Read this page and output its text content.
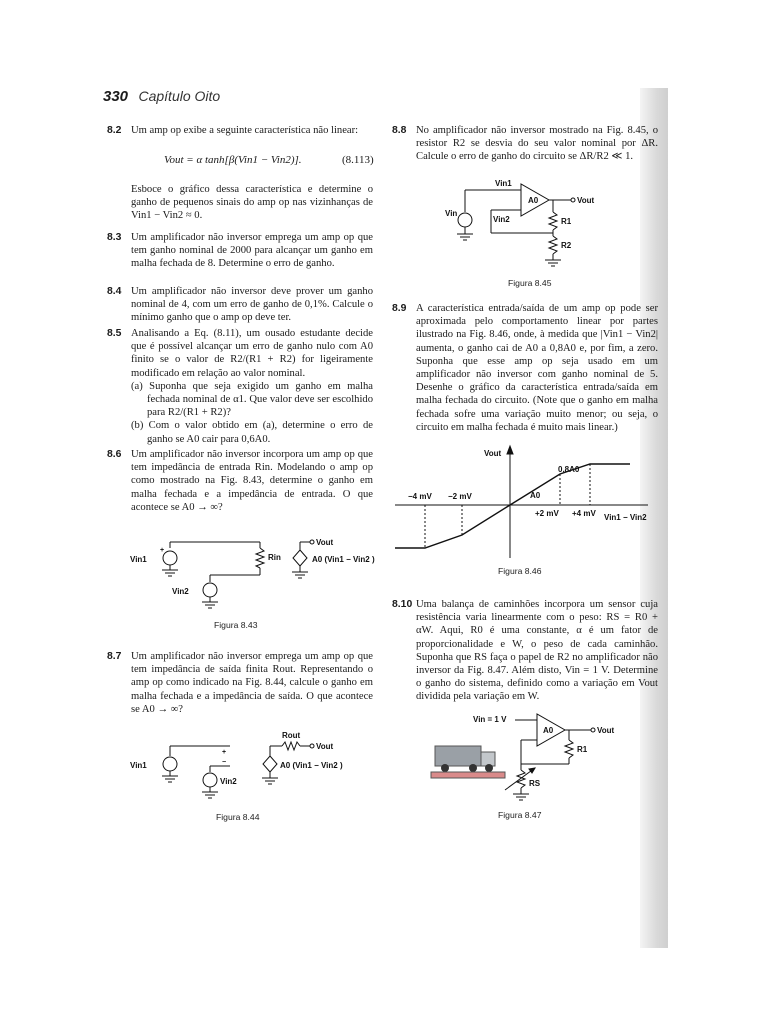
330 Capítulo Oito
8.2 Um amp op exibe a seguinte característica não linear:

Vout = α tanh[β(Vin1 − Vin2)].	(8.113)

Esboce o gráfico dessa característica e determine o ganho de pequenos sinais do amp op nas vizinhanças de Vin1 − Vin2 ≈ 0.

8.3 Um amplificador não inversor emprega um amp op que tem ganho nominal de 2000 para alcançar um ganho em malha fechada de 8. Determine o erro de ganho.

8.4 Um amplificador não inversor deve prover um ganho nominal de 4, com um erro de ganho de 0,1%. Calcule o mínimo ganho que o amp op deve ter.

8.5 Analisando a Eq. (8.11), um ousado estudante decide que é possível alcançar um erro de ganho nulo com A0 finito se o valor de R2/(R1 + R2) for ligeiramente modificado em relação ao valor nominal.

(a) Suponha que seja exigido um ganho em malha fechada nominal de α1. Que valor deve ser escolhido para R2/(R1 + R2)?

(b) Com o valor obtido em (a), determine o erro de ganho se A0 cair para 0,6A0.

8.6 Um amplificador não inversor incorpora um amp op que tem impedância de entrada Rin. Modelando o amp op como mostrado na Fig. 8.43, determine o ganho em malha fechada e a impedância de entrada. O que acontece se A0 → ∞?

Vin1
+
Rin
Vout
A0 (Vin1 − Vin2 )
Vin2
Figura 8.43
8.7 Um amplificador não inversor emprega um amp op que tem impedância de saída finita Rout. Representando o amp op como indicado na Fig. 8.44, calcule o ganho em malha fechada e a impedância de saída. O que acontece se A0 → ∞?

Vin1
+
−
Rout
Vout
A0 (Vin1 − Vin2 )
Vin2
Figura 8.44
8.8 No amplificador não inversor mostrado na Fig. 8.45, o resistor R2 se desvia do seu valor nominal por ΔR. Calcule o erro de ganho do circuito se ΔR/R2 ≪ 1.

Vin1
Vin
Vin2
A0	Vout
R1
R2
Figura 8.45
8.9 A característica entrada/saída de um amp op pode ser aproximada pelo comportamento linear por partes ilustrado na Fig. 8.46, onde, à medida que |Vin1 − Vin2| aumenta, o ganho cai de A0 a 0,8A0 e, por fim, a zero. Suponha que esse amp op seja usado em um amplificador não inversor com ganho nominal de 5. Desenhe o gráfico da característica entrada/saída em malha fechada do circuito. (Note que o ganho em malha fechada sofre uma variação muito menor; ou seja, o circuito em malha fechada é muito mais linear.)

Vout
0,8A0
A0
−4 mV −2 mV
+2 mV +4 mV Vin1 − Vin2
Figura 8.46
8.10 Uma balança de caminhões incorpora um sensor cuja resistência varia linearmente com o peso: RS = R0 + αW. Aqui, R0 é uma constante, α é um fator de proporcionalidade e W, o peso de cada caminhão. Suponha que RS faça o papel de R2 no amplificador não inversor da Fig. 8.47. Além disto, Vin = 1 V. Determine o ganho do sistema, definido como a variação em Vout dividida pela variação em W.

Vin = 1 V
A0	Vout
R1
RS
Figura 8.47
